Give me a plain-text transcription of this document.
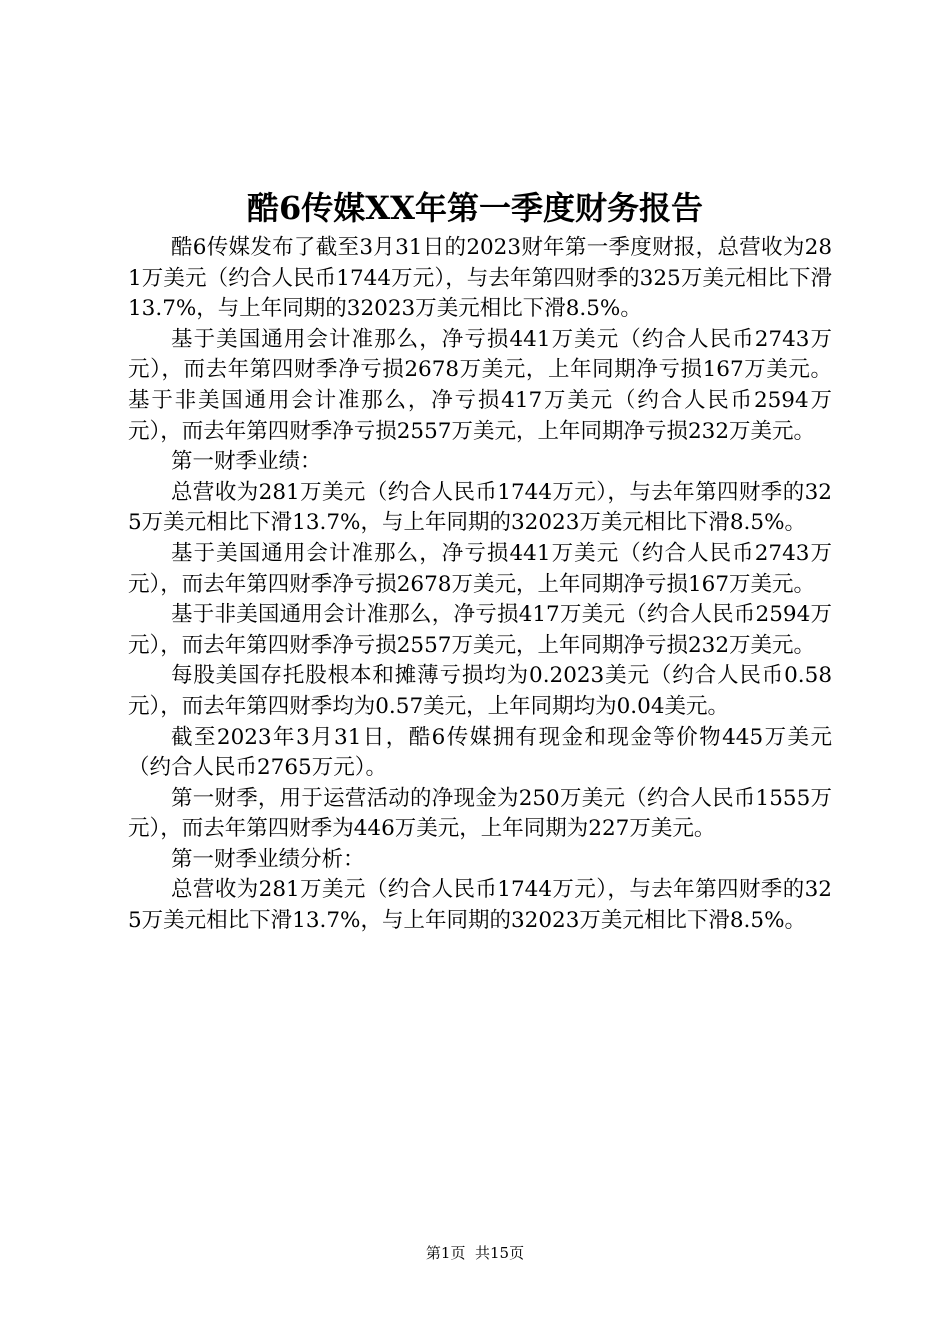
酷6传媒XX年第一季度财务报告

酷6传媒发布了截至3月31日的2023财年第一季度财报，总营收为281万美元（约合人民币1744万元），与去年第四财季的325万美元相比下滑13.7%，与上年同期的32023万美元相比下滑8.5%。

基于美国通用会计准那么，净亏损441万美元（约合人民币2743万元），而去年第四财季净亏损2678万美元，上年同期净亏损167万美元。基于非美国通用会计准那么，净亏损417万美元（约合人民币2594万元），而去年第四财季净亏损2557万美元，上年同期净亏损232万美元。

第一财季业绩：

总营收为281万美元（约合人民币1744万元），与去年第四财季的325万美元相比下滑13.7%，与上年同期的32023万美元相比下滑8.5%。

基于美国通用会计准那么，净亏损441万美元（约合人民币2743万元），而去年第四财季净亏损2678万美元，上年同期净亏损167万美元。

基于非美国通用会计准那么，净亏损417万美元（约合人民币2594万元），而去年第四财季净亏损2557万美元，上年同期净亏损232万美元。

每股美国存托股根本和摊薄亏损均为0.2023美元（约合人民币0.58元），而去年第四财季均为0.57美元，上年同期均为0.04美元。

截至2023年3月31日，酷6传媒拥有现金和现金等价物445万美元（约合人民币2765万元）。

第一财季，用于运营活动的净现金为250万美元（约合人民币1555万元），而去年第四财季为446万美元，上年同期为227万美元。

第一财季业绩分析：

总营收为281万美元（约合人民币1744万元），与去年第四财季的325万美元相比下滑13.7%，与上年同期的32023万美元相比下滑8.5%。

第1页 共15页
